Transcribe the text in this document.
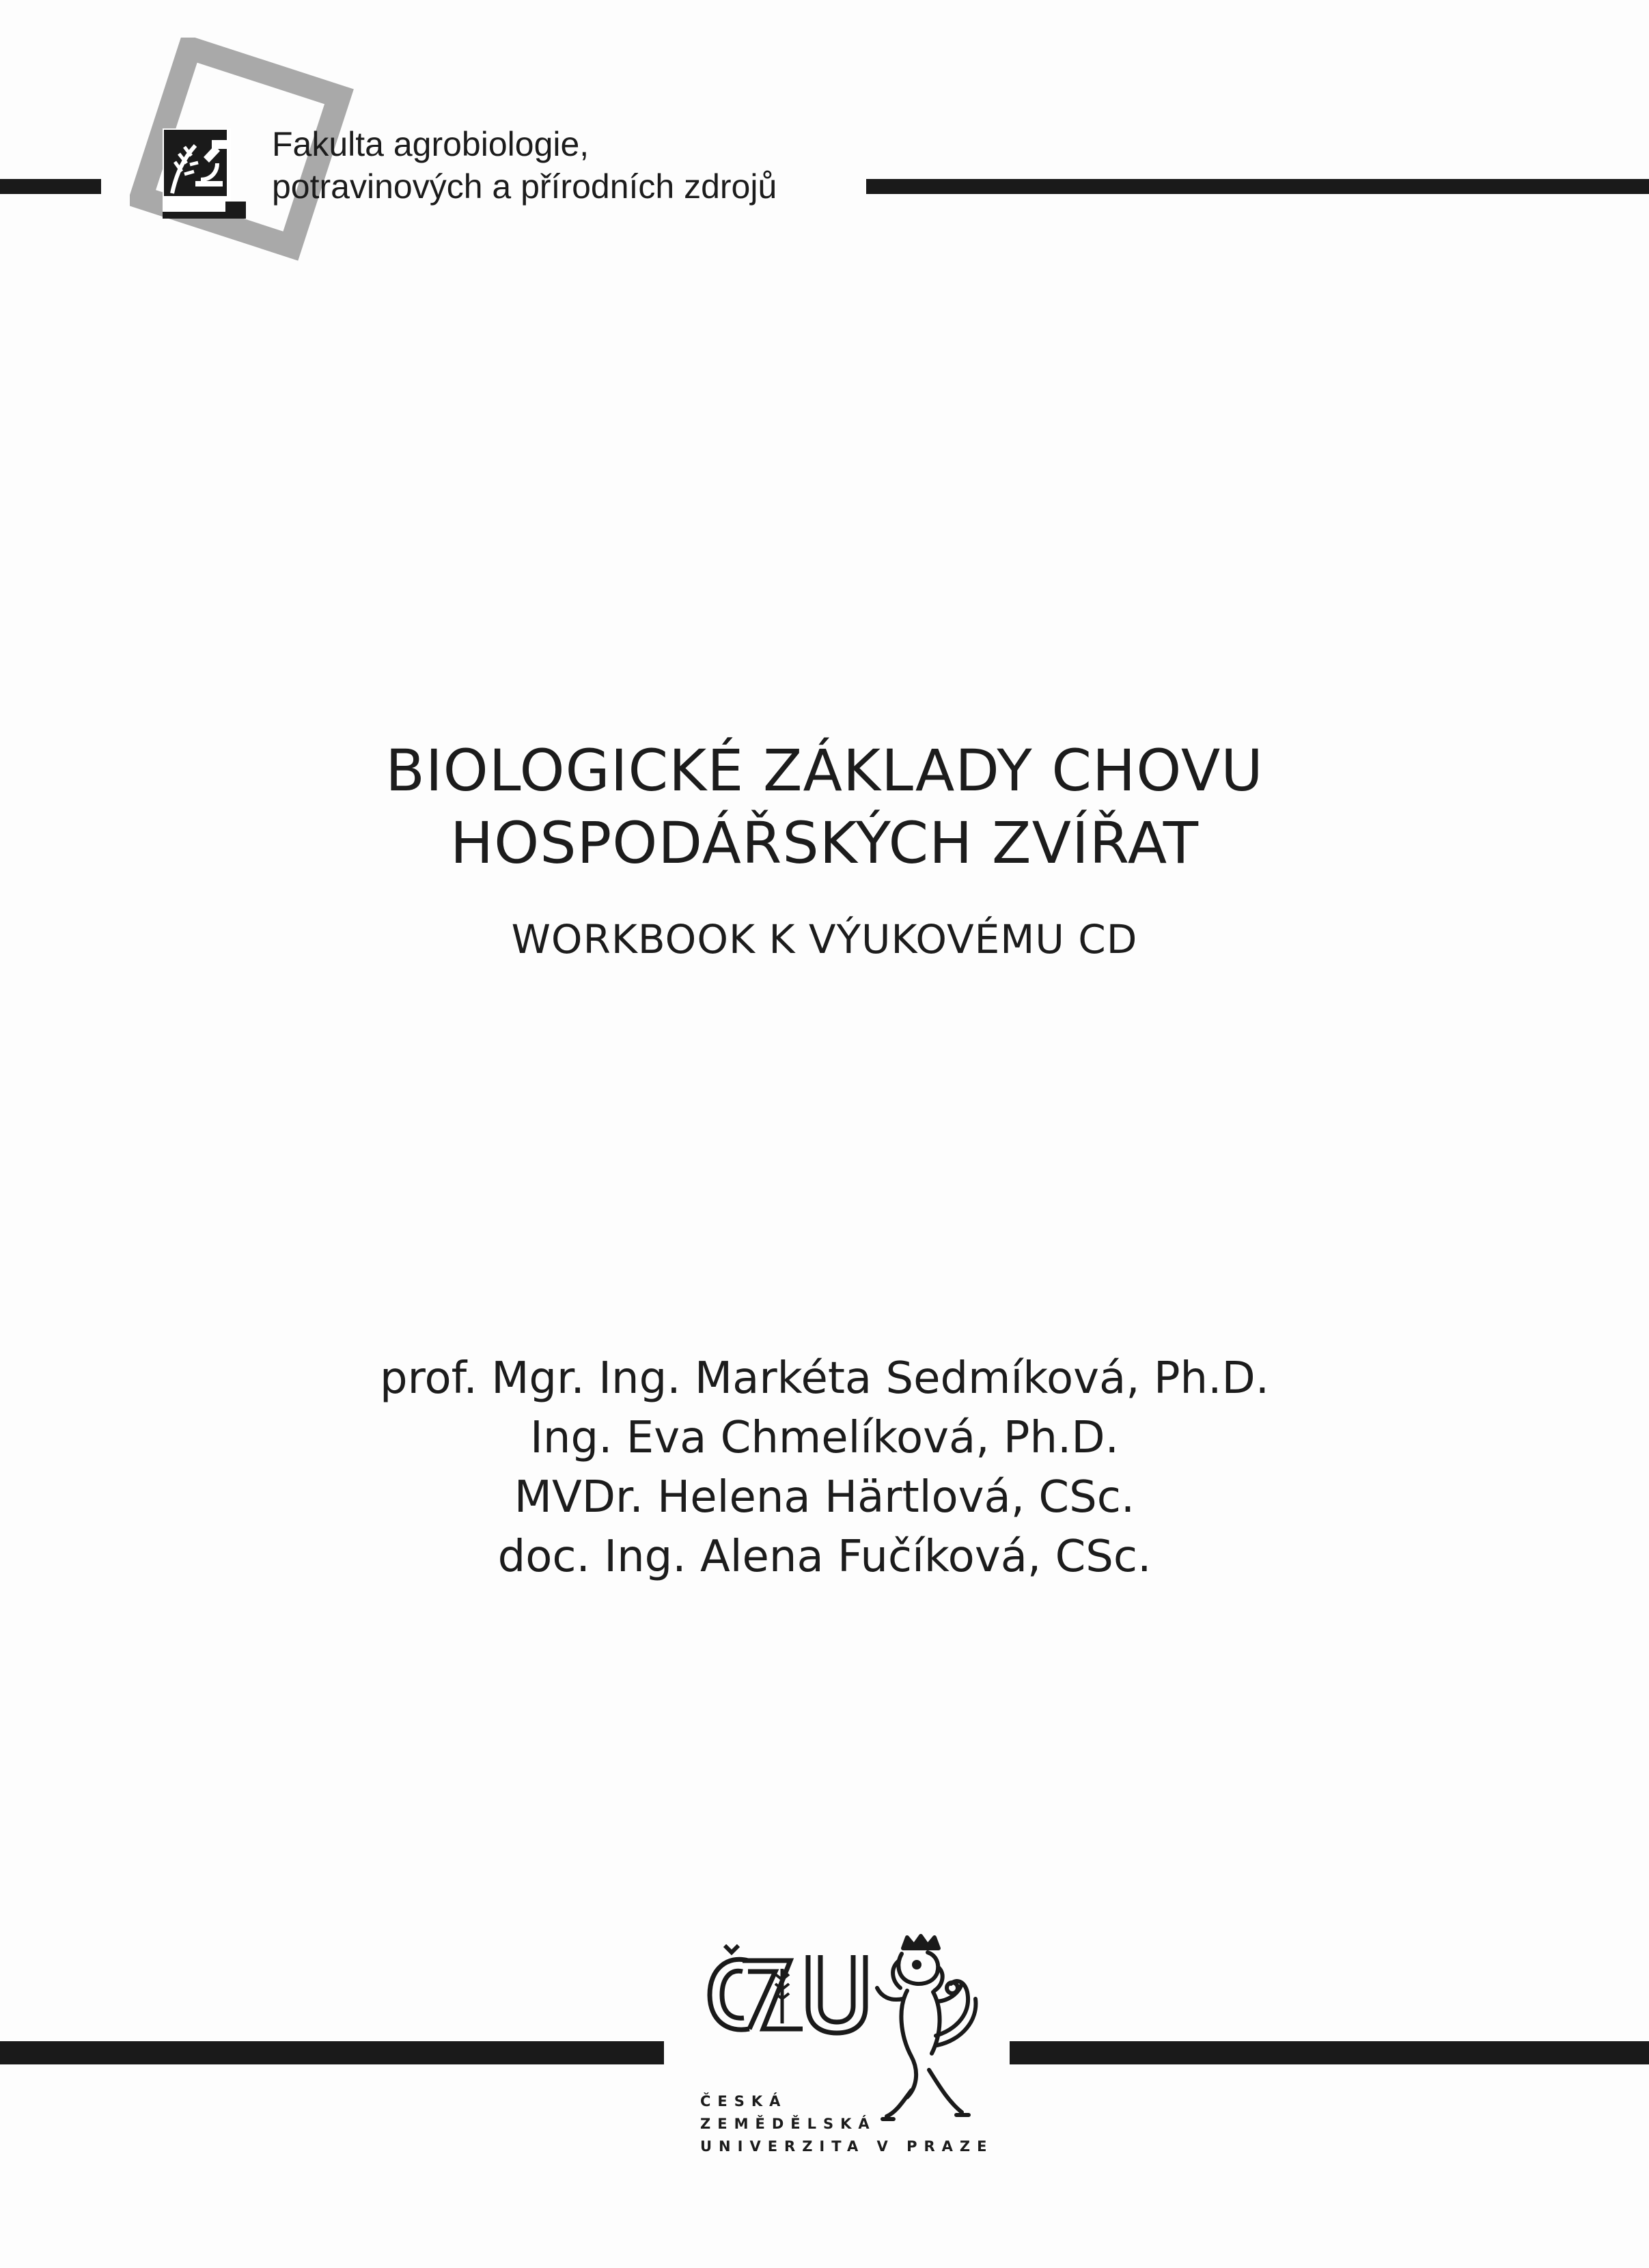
Fakulta agrobiologie,
potravinových a přírodních zdrojů
BIOLOGICKÉ ZÁKLADY CHOVU
HOSPODÁŘSKÝCH ZVÍŘAT
WORKBOOK K VÝUKOVÉMU CD
prof. Mgr. Ing. Markéta Sedmíková, Ph.D.
Ing. Eva Chmelíková, Ph.D.
MVDr. Helena Härtlová, CSc.
doc. Ing. Alena Fučíková, CSc.
ČESKÁ
ZEMĚDĚLSKÁ
UNIVERZITA V PRAZE
